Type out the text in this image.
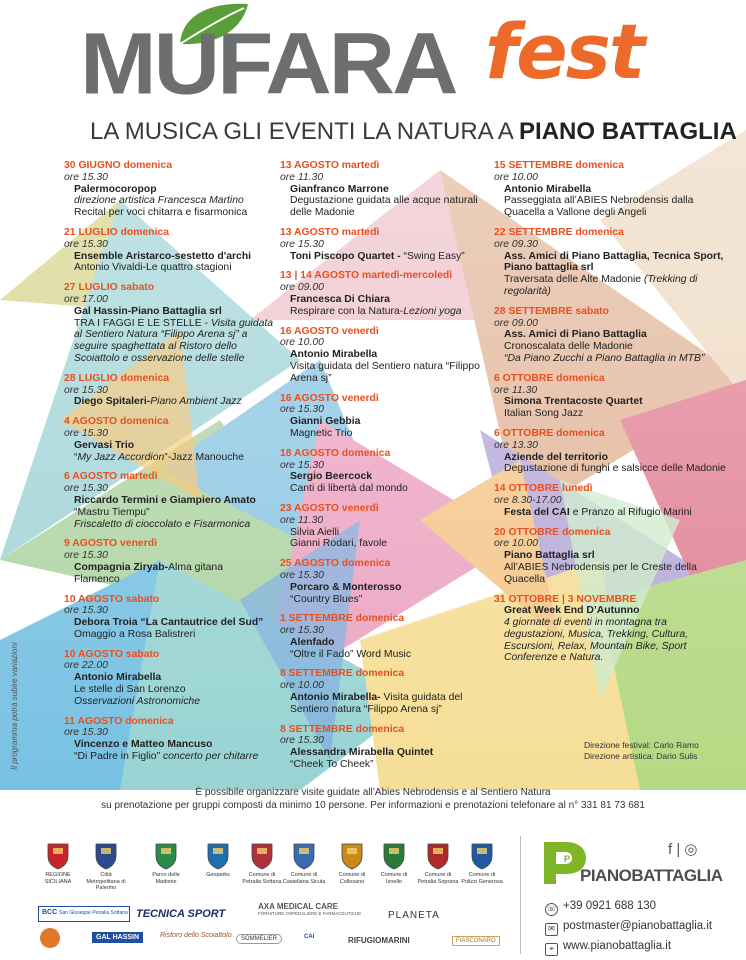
MUFARA fest
LA MUSICA GLI EVENTI LA NATURA A PIANO BATTAGLIA
30 GIUGNO domenica
ore 15.30
Palermocoropop
direzione artistica Francesca Martino
Recital per voci chitarra e fisarmonica
21 LUGLIO domenica
ore 15.30
Ensemble Aristarco-sestetto d'archi
Antonio Vivaldi-Le quattro stagioni
27 LUGLIO sabato
ore 17.00
Gal Hassin-Piano Battaglia srl
TRA I FAGGI E LE STELLE - Visita guidata al Sentiero Natura “Filippo Arena sj” a seguire spaghettata al Ristoro dello Scoiattolo e osservazione delle stelle
28 LUGLIO domenica
ore 15.30
Diego Spitaleri-Piano Ambient Jazz
4 AGOSTO domenica
ore 15.30
Gervasi Trio
“My Jazz Accordion”-Jazz Manouche
6 AGOSTO martedì
ore 15.30
Riccardo Termini e Giampiero Amato
“Mastru Tiempu”
Friscaletto di cioccolato e Fisarmonica
9 AGOSTO venerdì
ore 15.30
Compagnia Ziryab-Alma gitana
Flamenco
10 AGOSTO sabato
ore 15.30
Debora Troia “La Cantautrice del Sud”
Omaggio a Rosa Balistreri
10 AGOSTO sabato
ore 22.00
Antonio Mirabella
Le stelle di San Lorenzo
Osservazioni Astronomiche
11 AGOSTO domenica
ore 15.30
Vincenzo e Matteo Mancuso
“Di Padre in Figlio” concerto per chitarre
13 AGOSTO martedì
ore 11.30
Gianfranco Marrone
Degustazione guidata alle acque naturali delle Madonie
13 AGOSTO martedì
ore 15.30
Toni Piscopo Quartet - “Swing Easy”
13 | 14 AGOSTO martedì-mercoledì
ore 09.00
Francesca Di Chiara
Respirare con la Natura-Lezioni yoga
16 AGOSTO venerdì
ore 10.00
Antonio Mirabella
Visita guidata del Sentiero natura “Filippo Arena sj”
16 AGOSTO venerdì
ore 15.30
Gianni Gebbia
Magnetic Trio
18 AGOSTO domenica
ore 15.30
Sergio Beercock
Canti di libertà dal mondo
23 AGOSTO venerdì
ore 11.30
Silvia Aielli
Gianni Rodari, favole
25 AGOSTO domenica
ore 15.30
Porcaro & Monterosso
“Country Blues”
1 SETTEMBRE domenica
ore 15.30
Alenfado
“Oltre il Fado” Word Music
8 SETTEMBRE domenica
ore 10.00
Antonio Mirabella- Visita guidata del Sentiero natura “Filippo Arena sj”
8 SETTEMBRE domenica
ore 15.30
Alessandra Mirabella Quintet
“Cheek To Cheek”
15 SETTEMBRE domenica
ore 10.00
Antonio Mirabella
Passeggiata all’ABIES Nebrodensis dalla Quacella a Vallone degli Angeli
22 SETTEMBRE domenica
ore 09.30
Ass. Amici di Piano Battaglia, Tecnica Sport, Piano battaglia srl
Traversata delle Alte Madonie (Trekking di regolarità)
28 SETTEMBRE sabato
ore 09.00
Ass. Amici di Piano Battaglia
Cronoscalata delle Madonie
“Da Piano Zucchi a Piano Battaglia in MTB”
6 OTTOBRE domenica
ore 11.30
Simona Trentacoste Quartet
Italian Song Jazz
6 OTTOBRE domenica
ore 13.30
Aziende del territorio
Degustazione di funghi e salsicce delle Madonie
14 OTTOBRE lunedì
ore 8.30-17.00
Festa del CAI e Pranzo al Rifugio Marini
20 OTTOBRE domenica
ore 10.00
Piano Battaglia srl
All’ABIES Nebrodensis per le Creste della Quacella
31 OTTOBRE | 3 NOVEMBRE
Great Week End D’Autunno
4 giornate di eventi in montagna tra degustazioni, Musica, Trekking, Cultura, Escursioni, Relax, Mountain Bike, Sport Conferenze e Natura.
Il programma potrà subire variazioni	Direzione festival: Carlo Ramo
Direzione artistica: Dario Sulis
È possibile organizzare visite guidate all’Abies Nebrodensis e al Sentiero Natura
su prenotazione per gruppi composti da minimo 10 persone. Per informazioni e prenotazioni telefonare al n° 331 81 73 681
REGIONE SICILIANA
Città Metropolitana di Palermo
Parco delle Madonie
Geoparks	Comune di Petralia Sottana
Comune di Castellana Sicula
Comune di Collesano
Comune di Isnello
Comune di Petralia Soprana
Comune di Polizzi Generosa
BCC San Giuseppe Petralia Sottana TECNICA SPORT
AXA MEDICAL CARE
FORNITURE OSPEDALIERE E FARMACEUTICHE	PLANETA
GAL HASSIN	Ristoro dello Scoiattolo	SOMMELIER	CAI	RIFUGIOMARINI	FIASCONARO
P
PIANOBATTAGLIA
f | ◎
☏ +39 0921 688 130
✉ postmaster@pianobattaglia.it
⌖ www.pianobattaglia.it
